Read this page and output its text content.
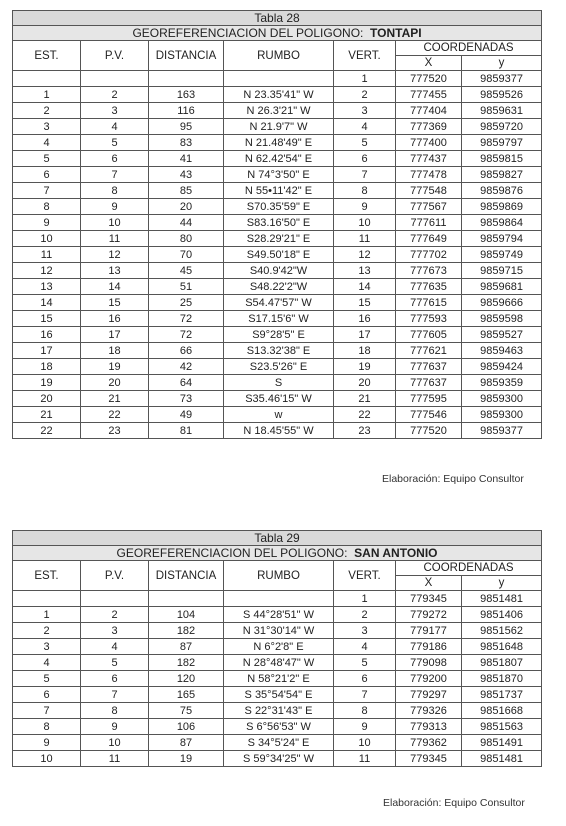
Tabla 28						
GEOREFERENCIACION DEL POLIGONO: TONTAPI						
EST.	P.V.	DISTANCIA	RUMBO	VERT.	COORDENADAS	
					X	y
				1	777520	9859377
1	2	163	N 23.35'41" W	2	777455	9859526
2	3	116	N 26.3'21" W	3	777404	9859631
3	4	95	N 21.9'7" W	4	777369	9859720
4	5	83	N 21.48'49" E	5	777400	9859797
5	6	41	N 62.42'54" E	6	777437	9859815
6	7	43	N 74°3'50" E	7	777478	9859827
7	8	85	N 55•11'42" E	8	777548	9859876
8	9	20	S70.35'59" E	9	777567	9859869
9	10	44	S83.16'50" E	10	777611	9859864
10	11	80	S28.29'21" E	11	777649	9859794
11	12	70	S49.50'18" E	12	777702	9859749
12	13	45	S40.9'42"W	13	777673	9859715
13	14	51	S48.22'2"W	14	777635	9859681
14	15	25	S54.47'57" W	15	777615	9859666
15	16	72	S17.15'6" W	16	777593	9859598
16	17	72	S9°28'5" E	17	777605	9859527
17	18	66	S13.32'38" E	18	777621	9859463
18	19	42	S23.5'26" E	19	777637	9859424
19	20	64	S	20	777637	9859359
20	21	73	S35.46'15" W	21	777595	9859300
21	22	49	w	22	777546	9859300
22	23	81	N 18.45'55" W	23	777520	9859377
Elaboración: Equipo Consultor
Tabla 29						
GEOREFERENCIACION DEL POLIGONO: SAN ANTONIO						
EST.	P.V.	DISTANCIA	RUMBO	VERT.	COORDENADAS	
					X	y
				1	779345	9851481
1	2	104	S 44°28'51" W	2	779272	9851406
2	3	182	N 31°30'14" W	3	779177	9851562
3	4	87	N 6°2'8" E	4	779186	9851648
4	5	182	N 28°48'47" W	5	779098	9851807
5	6	120	N 58°21'2" E	6	779200	9851870
6	7	165	S 35°54'54" E	7	779297	9851737
7	8	75	S 22°31'43" E	8	779326	9851668
8	9	106	S 6°56'53" W	9	779313	9851563
9	10	87	S 34°5'24" E	10	779362	9851491
10	11	19	S 59°34'25" W	11	779345	9851481
Elaboración: Equipo Consultor
